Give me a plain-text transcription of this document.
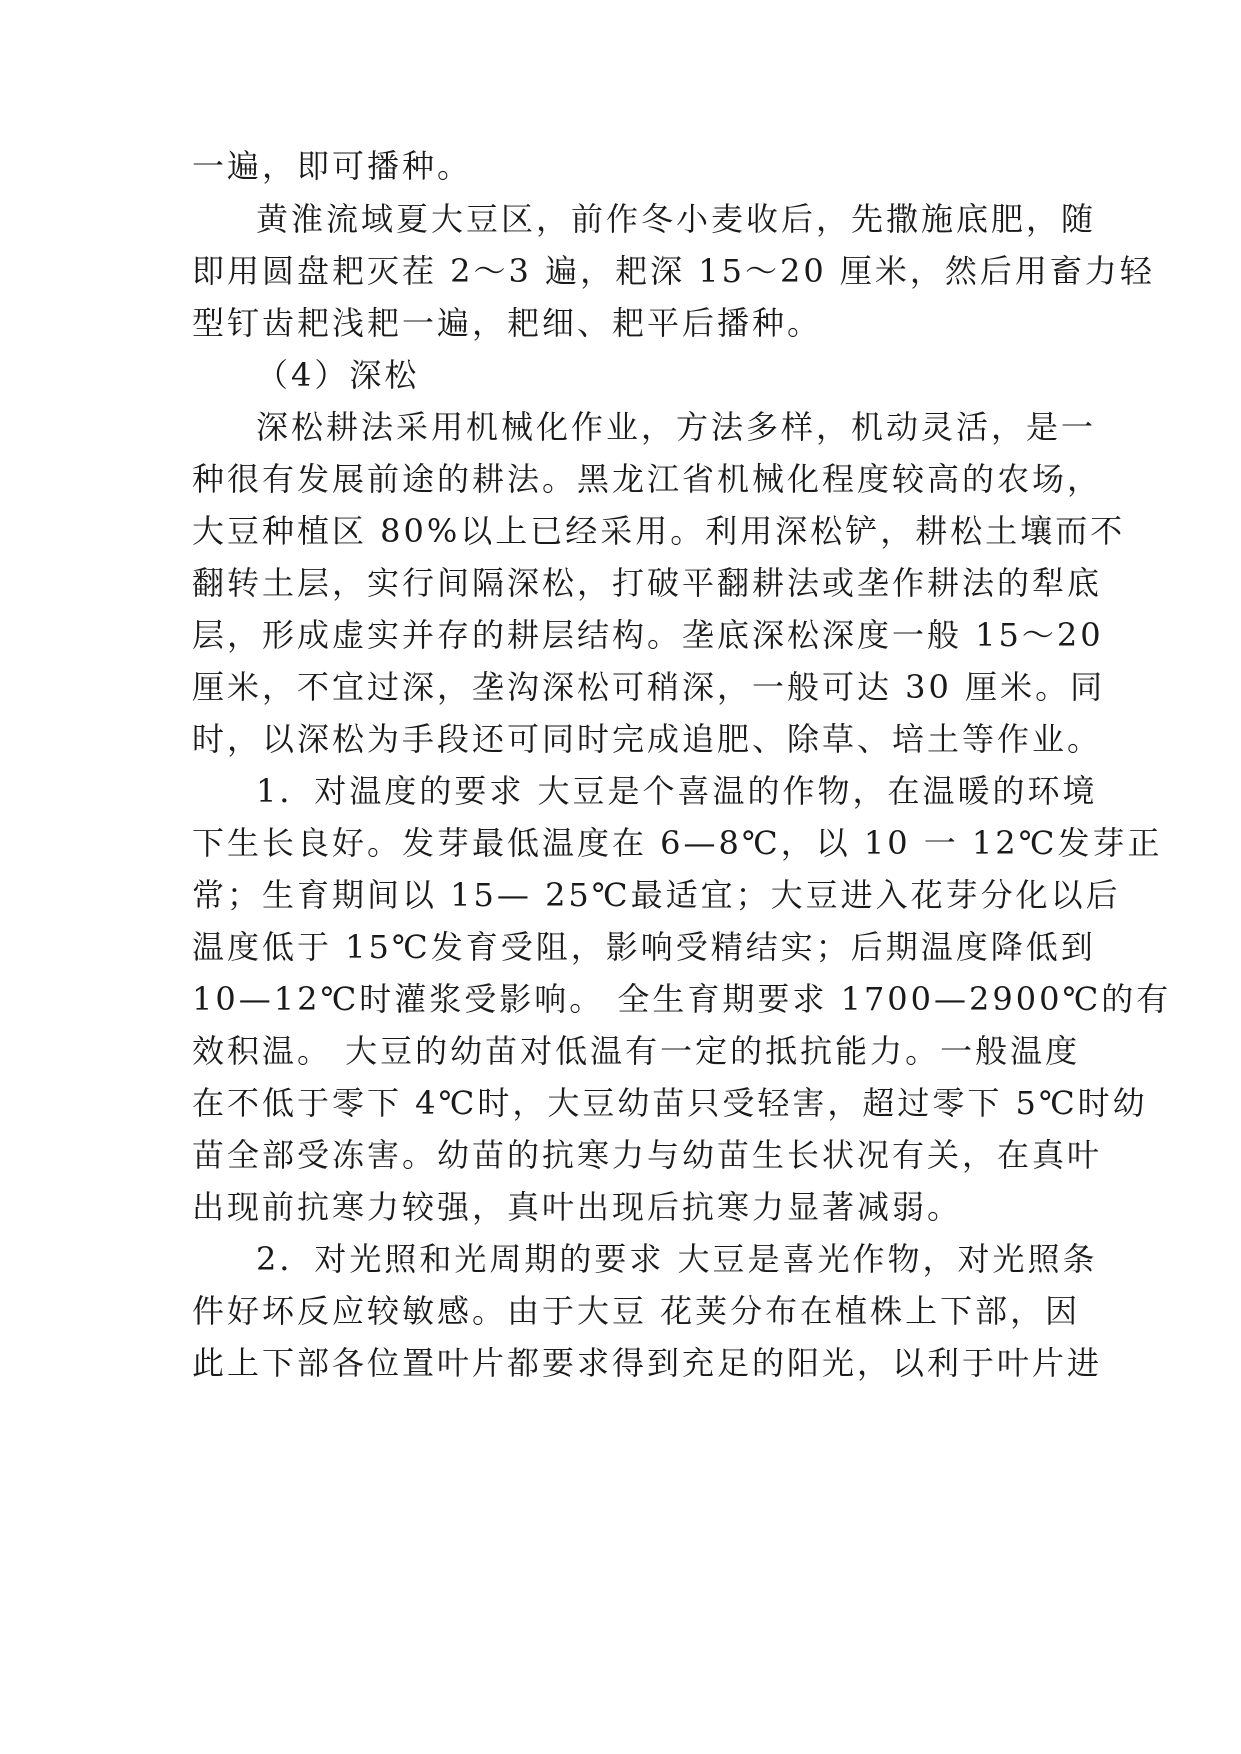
一遍，即可播种。
黄淮流域夏大豆区，前作冬小麦收后，先撒施底肥，随
即用圆盘耙灭茬 2～3 遍，耙深 15～20 厘米，然后用畜力轻
型钉齿耙浅耙一遍，耙细、耙平后播种。
（4）深松
深松耕法采用机械化作业，方法多样，机动灵活，是一
种很有发展前途的耕法。黑龙江省机械化程度较高的农场，
大豆种植区 80%以上已经采用。利用深松铲，耕松土壤而不
翻转土层，实行间隔深松，打破平翻耕法或垄作耕法的犁底
层，形成虚实并存的耕层结构。垄底深松深度一般 15～20
厘米，不宜过深，垄沟深松可稍深，一般可达 30 厘米。同
时，以深松为手段还可同时完成追肥、除草、培土等作业。
1．对温度的要求 大豆是个喜温的作物，在温暖的环境
下生长良好。发芽最低温度在 6—8℃，以 10 一 12℃发芽正
常；生育期间以 15— 25℃最适宜；大豆进入花芽分化以后
温度低于 15℃发育受阻，影响受精结实；后期温度降低到
10—12℃时灌浆受影响。 全生育期要求 1700—2900℃的有
效积温。 大豆的幼苗对低温有一定的抵抗能力。一般温度
在不低于零下 4℃时，大豆幼苗只受轻害，超过零下 5℃时幼
苗全部受冻害。幼苗的抗寒力与幼苗生长状况有关，在真叶
出现前抗寒力较强，真叶出现后抗寒力显著减弱。
2．对光照和光周期的要求 大豆是喜光作物，对光照条
件好坏反应较敏感。由于大豆 花荚分布在植株上下部，因
此上下部各位置叶片都要求得到充足的阳光，以利于叶片进
